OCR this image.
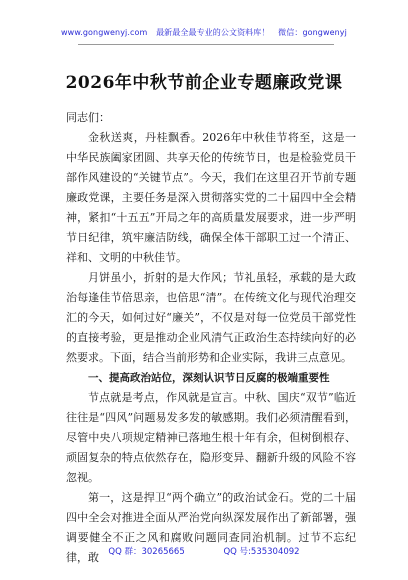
www.gongwenyj.com 最新最全最专业的公文资料库！ 微信：gongwenyj
2026年中秋节前企业专题廉政党课

同志们：

金秋送爽，丹桂飘香。2026年中秋佳节将至，这是一中华民族阖家团圆、共享天伦的传统节日，也是检验党员干部作风建设的“关键节点”。今天，我们在这里召开节前专题廉政党课，主要任务是深入贯彻落实党的二十届四中全会精神，紧扣“十五五”开局之年的高质量发展要求，进一步严明节日纪律，筑牢廉洁防线，确保全体干部职工过一个清正、祥和、文明的中秋佳节。

月饼虽小，折射的是大作风；节礼虽轻，承载的是大政治每逢佳节倍思亲，也倍思“清”。在传统文化与现代治理交汇的今天，如何过好“廉关”，不仅是对每一位党员干部党性的直接考验，更是推动企业风清气正政治生态持续向好的必然要求。下面，结合当前形势和企业实际，我讲三点意见。

一、提高政治站位，深刻认识节日反腐的极端重要性

节点就是考点，作风就是宣言。中秋、国庆“双节”临近往往是“四风”问题易发多发的敏感期。我们必须清醒看到，尽管中央八项规定精神已落地生根十年有余，但树倒根存、顽固复杂的特点依然存在，隐形变异、翻新升级的风险不容忽视。

第一，这是捍卫“两个确立”的政治试金石。党的二十届四中全会对推进全面从严治党向纵深发展作出了新部署，强调要健全不正之风和腐败问题同查同治机制。过节不忘纪律，敢	QQ 群：30265665	QQ 号:535304092
